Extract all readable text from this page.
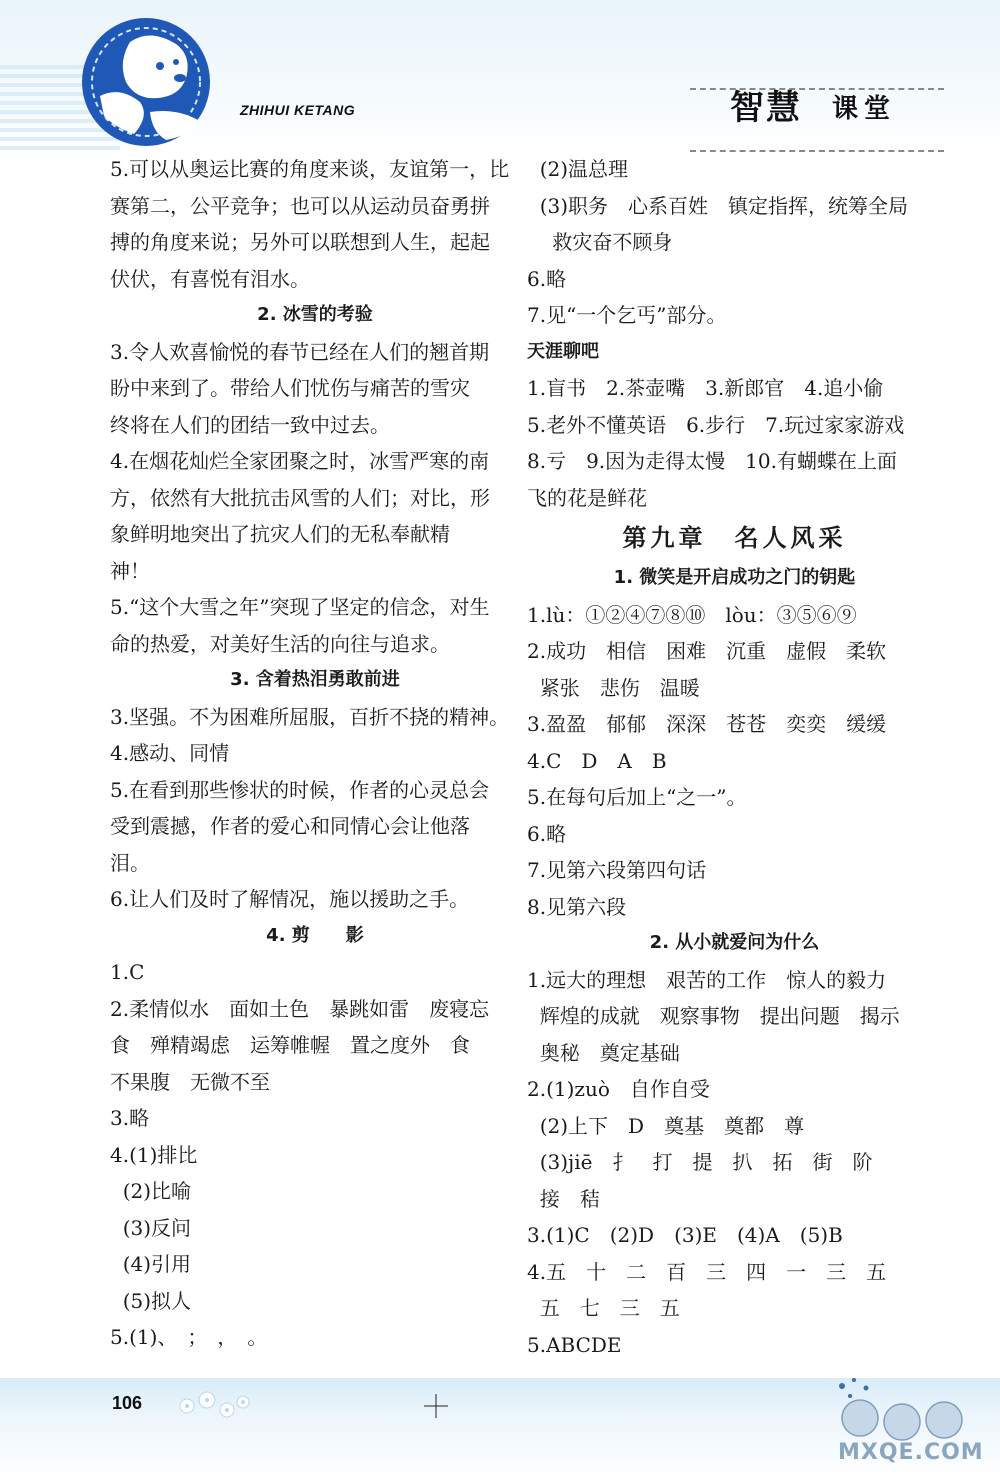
ZHIHUI KETANG	智慧 课堂
5.可以从奥运比赛的角度来谈，友谊第一，比
赛第二，公平竞争；也可以从运动员奋勇拼
搏的角度来说；另外可以联想到人生，起起
伏伏，有喜悦有泪水。
2. 冰雪的考验
3.令人欢喜愉悦的春节已经在人们的翘首期
盼中来到了。带给人们忧伤与痛苦的雪灾
终将在人们的团结一致中过去。
4.在烟花灿烂全家团聚之时，冰雪严寒的南
方，依然有大批抗击风雪的人们；对比，形
象鲜明地突出了抗灾人们的无私奉献精
神！
5.“这个大雪之年”突现了坚定的信念，对生
命的热爱，对美好生活的向往与追求。
3. 含着热泪勇敢前进
3.坚强。不为困难所屈服，百折不挠的精神。
4.感动、同情
5.在看到那些惨状的时候，作者的心灵总会
受到震撼，作者的爱心和同情心会让他落
泪。
6.让人们及时了解情况，施以援助之手。
4. 剪　　影
1.C
2.柔情似水　面如土色　暴跳如雷　废寝忘
食　殚精竭虑　运筹帷幄　置之度外　食
不果腹　无微不至
3.略
4.(1)排比
(2)比喻
(3)反问
(4)引用
(5)拟人
5.(1)、　；　，　。
(2)温总理
(3)职务　心系百姓　镇定指挥，统筹全局
救灾奋不顾身
6.略
7.见“一个乞丐”部分。
天涯聊吧
1.盲书　2.茶壶嘴　3.新郎官　4.追小偷
5.老外不懂英语　6.步行　7.玩过家家游戏
8.亏　9.因为走得太慢　10.有蝴蝶在上面
飞的花是鲜花
第九章　名人风采
1. 微笑是开启成功之门的钥匙
1.lù：①②④⑦⑧⑩　lòu：③⑤⑥⑨
2.成功　相信　困难　沉重　虚假　柔软
紧张　悲伤　温暖
3.盈盈　郁郁　深深　苍苍　奕奕　缓缓
4.C　D　A　B
5.在每句后加上“之一”。
6.略
7.见第六段第四句话
8.见第六段
2. 从小就爱问为什么
1.远大的理想　艰苦的工作　惊人的毅力
辉煌的成就　观察事物　提出问题　揭示
奥秘　奠定基础
2.(1)zuò　自作自受
(2)上下　D　奠基　奠都　尊
(3)jiē　扌　打　提　扒　拓　街　阶
接　秸
3.(1)C　(2)D　(3)E　(4)A　(5)B
4.五　十　二　百　三　四　一　三　五
五　七　三　五
5.ABCDE
106
MXQE.COM
